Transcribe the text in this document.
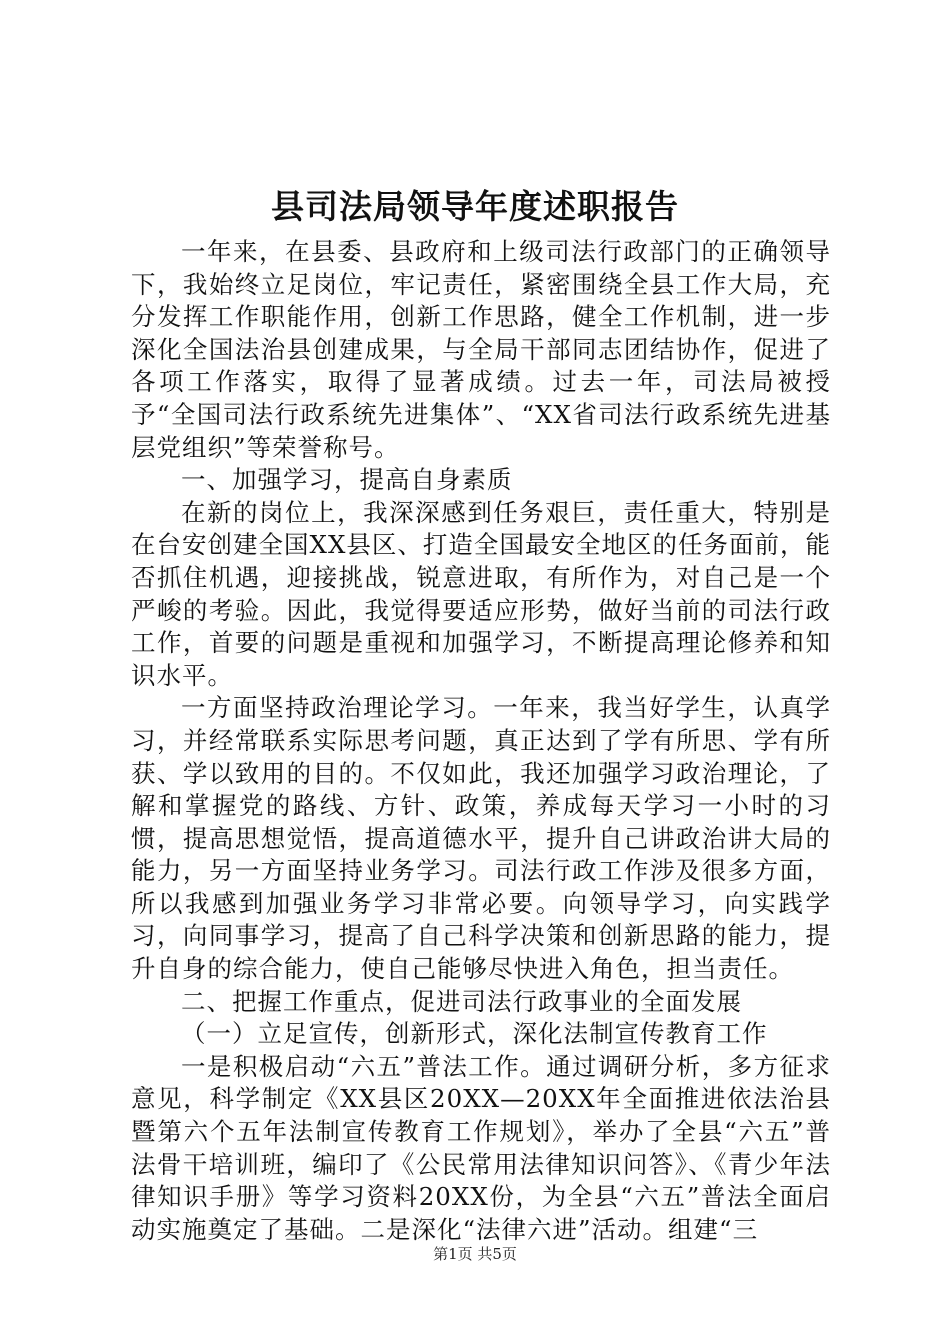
县司法局领导年度述职报告

一年来，在县委、县政府和上级司法行政部门的正确领导下，我始终立足岗位，牢记责任，紧密围绕全县工作大局，充分发挥工作职能作用，创新工作思路，健全工作机制，进一步深化全国法治县创建成果，与全局干部同志团结协作，促进了各项工作落实，取得了显著成绩。过去一年，司法局被授予“全国司法行政系统先进集体”、“XX省司法行政系统先进基层党组织”等荣誉称号。

一、加强学习，提高自身素质

在新的岗位上，我深深感到任务艰巨，责任重大，特别是在台安创建全国XX县区、打造全国最安全地区的任务面前，能否抓住机遇，迎接挑战，锐意进取，有所作为，对自己是一个严峻的考验。因此，我觉得要适应形势，做好当前的司法行政工作，首要的问题是重视和加强学习，不断提高理论修养和知识水平。

一方面坚持政治理论学习。一年来，我当好学生，认真学习，并经常联系实际思考问题，真正达到了学有所思、学有所获、学以致用的目的。不仅如此，我还加强学习政治理论，了解和掌握党的路线、方针、政策，养成每天学习一小时的习惯，提高思想觉悟，提高道德水平，提升自己讲政治讲大局的能力，另一方面坚持业务学习。司法行政工作涉及很多方面，所以我感到加强业务学习非常必要。向领导学习，向实践学习，向同事学习，提高了自己科学决策和创新思路的能力，提升自身的综合能力，使自己能够尽快进入角色，担当责任。

二、把握工作重点，促进司法行政事业的全面发展

（一）立足宣传，创新形式，深化法制宣传教育工作

一是积极启动“六五”普法工作。通过调研分析，多方征求意见，科学制定《XX县区20XX—20XX年全面推进依法治县暨第六个五年法制宣传教育工作规划》，举办了全县“六五”普法骨干培训班，编印了《公民常用法律知识问答》、《青少年法律知识手册》等学习资料20XX份，为全县“六五”普法全面启动实施奠定了基础。二是深化“法律六进”活动。组建“三

第1页 共5页
